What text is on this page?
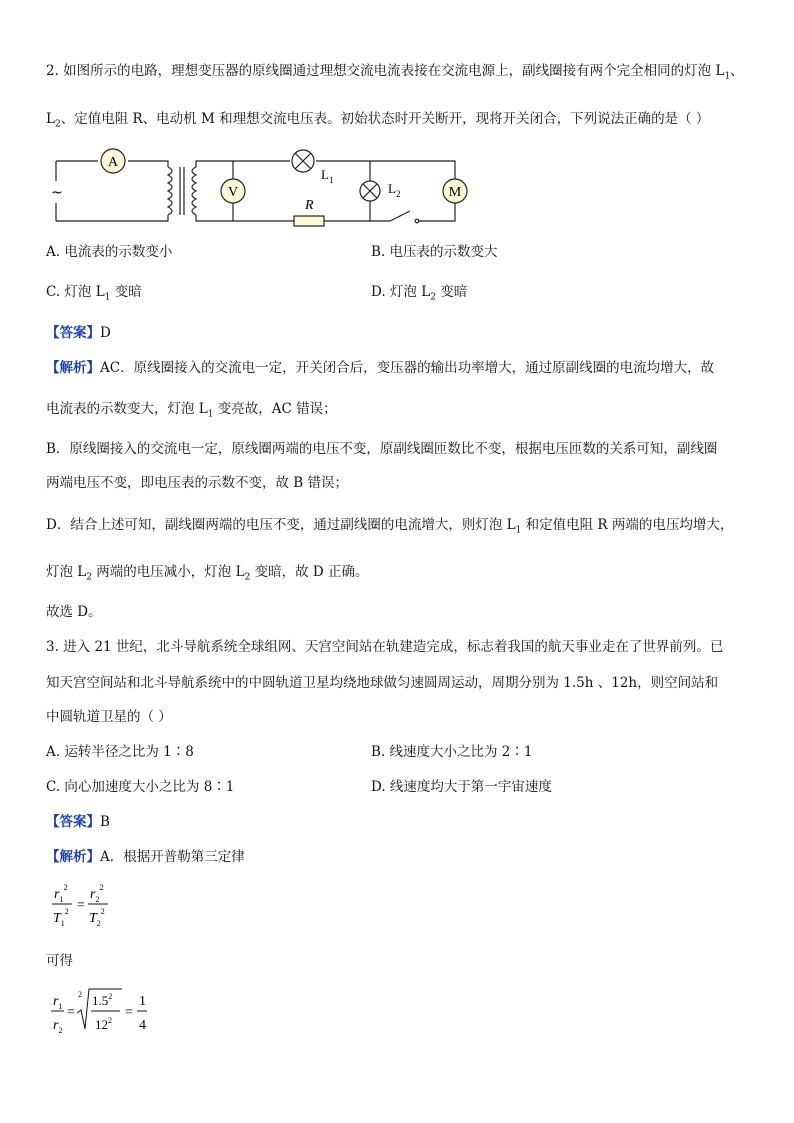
2. 如图所示的电路，理想变压器的原线圈通过理想交流电流表接在交流电源上，副线圈接有两个完全相同的灯泡 $L_1$、
$L_2$、定值电阻 R、电动机 M 和理想交流电压表。初始状态时开关断开，现将开关闭合，下列说法正确的是（ ）
A
~	V
$L_1$
$L_2$
R
M
A. 电流表的示数变小	B. 电压表的示数变大
C. 灯泡 $L_1$ 变暗	D. 灯泡 $L_2$ 变暗
【答案】D
【解析】AC．原线圈接入的交流电一定，开关闭合后，变压器的输出功率增大，通过原副线圈的电流均增大，故
电流表的示数变大，灯泡 $L_1$ 变亮故，AC 错误；
B．原线圈接入的交流电一定，原线圈两端的电压不变，原副线圈匝数比不变，根据电压匝数的关系可知，副线圈
两端电压不变，即电压表的示数不变，故 B 错误；
D．结合上述可知，副线圈两端的电压不变，通过副线圈的电流增大，则灯泡 $L_1$ 和定值电阻 R 两端的电压均增大，
灯泡 $L_2$ 两端的电压减小，灯泡 $L_2$ 变暗，故 D 正确。
故选 D。
3. 进入 21 世纪，北斗导航系统全球组网、天宫空间站在轨建造完成，标志着我国的航天事业走在了世界前列。已
知天宫空间站和北斗导航系统中的中圆轨道卫星均绕地球做匀速圆周运动，周期分别为 1.5h 、12h，则空间站和
中圆轨道卫星的（ ）
A. 运转半径之比为 1∶8	B. 线速度大小之比为 2∶1
C. 向心加速度大小之比为 8∶1	D. 线速度均大于第一宇宙速度
【答案】B
【解析】A．根据开普勒第三定律
$r_1^2$
$T_1^2$ =
$r_2^2$
$T_2^2$
可得
$r_1$
$r_2$
=
2 $1.5^2$
$12^2$
=
1
4
